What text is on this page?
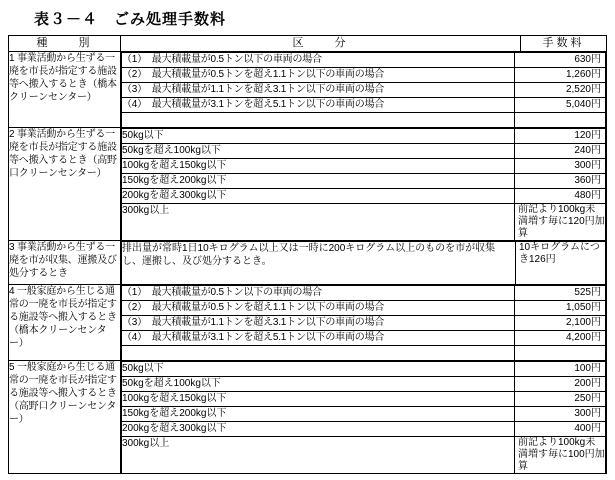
表３－４　ごみ処理手数料
種　　別	区　　分	手数料
1 事業活動から生ずる一廃を市長が指定する施設等へ搬入するとき（橋本クリーンセンター）	
（1）　最大積載量が0.5トン以下の車両の場合	630円
（2）　最大積載量が0.5トンを超え1.1トン以下の車両の場合	1,260円
（3）　最大積載量が1.1トンを超え3.1トン以下の車両の場合	2,520円
（4）　最大積載量が3.1トンを超え5.1トン以下の車両の場合	5,040円

2 事業活動から生ずる一廃を市長が指定する施設等へ搬入するとき（高野口クリーンセンター）	
50kg以下	120円
50kgを超え100kg以下	240円
100kgを超え150kg以下	300円
150kgを超え200kg以下	360円
200kgを超え300kg以下	480円
300kg以上	前記より100kg未満増す毎に120円加算

3 事業活動から生ずる一廃を市が収集、運搬及び処分するとき	
排出量が常時1日10キログラム以上又は一時に200キログラム以上のものを市が収集し、運搬し、及び処分するとき。	10キログラムにつき126円

4 一般家庭から生じる通常の一廃を市長が指定する施設等へ搬入するとき（橋本クリーンセンター）	
（1）　最大積載量が0.5トン以下の車両の場合	525円
（2）　最大積載量が0.5トンを超え1.1トン以下の車両の場合	1,050円
（3）　最大積載量が1.1トンを超え3.1トン以下の車両の場合	2,100円
（4）　最大積載量が3.1トンを超え5.1トン以下の車両の場合	4,200円

5 一般家庭から生じる通常の一廃を市長が指定する施設等へ搬入するとき（高野口クリーンセンター）	
50kg以下	100円
50kgを超え100kg以下	200円
100kgを超え150kg以下	250円
150kgを超え200kg以下	300円
200kgを超え300kg以下	400円
300kg以上	前記より100kg未満増す毎に100円加算
